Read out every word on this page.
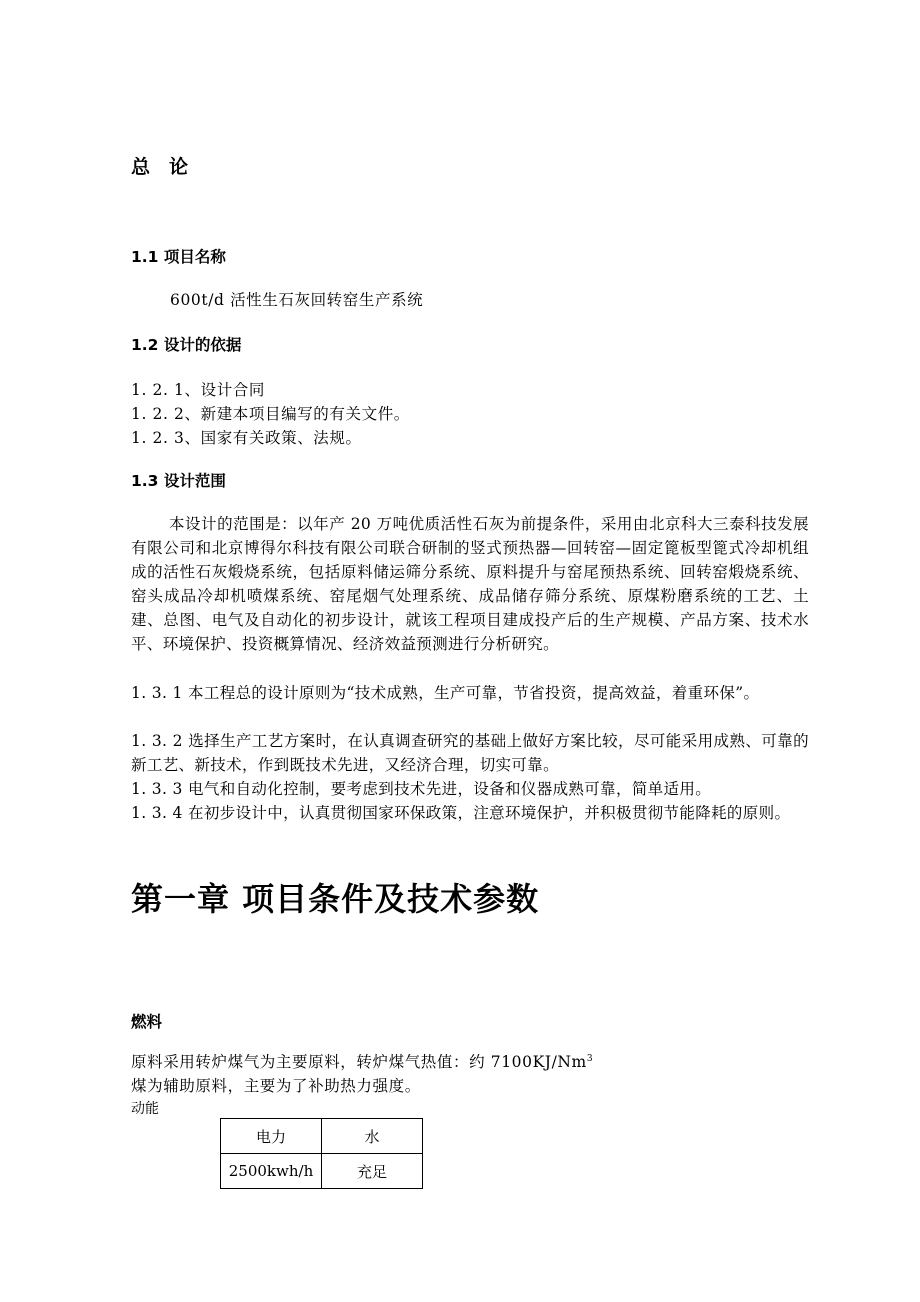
总　论
1.1 项目名称
600t/d 活性生石灰回转窑生产系统
1.2 设计的依据
1. 2. 1、设计合同
1. 2. 2、新建本项目编写的有关文件。
1. 2. 3、国家有关政策、法规。
1.3 设计范围
本设计的范围是：以年产 20 万吨优质活性石灰为前提条件，采用由北京科大三泰科技发展有限公司和北京博得尔科技有限公司联合研制的竖式预热器—回转窑—固定篦板型篦式冷却机组成的活性石灰煅烧系统，包括原料储运筛分系统、原料提升与窑尾预热系统、回转窑煅烧系统、窑头成品冷却机喷煤系统、窑尾烟气处理系统、成品储存筛分系统、原煤粉磨系统的工艺、土建、总图、电气及自动化的初步设计，就该工程项目建成投产后的生产规模、产品方案、技术水平、环境保护、投资概算情况、经济效益预测进行分析研究。
1. 3. 1 本工程总的设计原则为“技术成熟，生产可靠，节省投资，提高效益，着重环保”。
1. 3. 2 选择生产工艺方案时，在认真调查研究的基础上做好方案比较，尽可能采用成熟、可靠的新工艺、新技术，作到既技术先进，又经济合理，切实可靠。
1. 3. 3 电气和自动化控制，要考虑到技术先进，设备和仪器成熟可靠，简单适用。
1. 3. 4 在初步设计中，认真贯彻国家环保政策，注意环境保护，并积极贯彻节能降耗的原则。
第一章 项目条件及技术参数
燃料
原料采用转炉煤气为主要原料，转炉煤气热值：约 7100KJ/Nm$^3$
煤为辅助原料，主要为了补助热力强度。
动能
电力	水
2500kwh/h	充足
